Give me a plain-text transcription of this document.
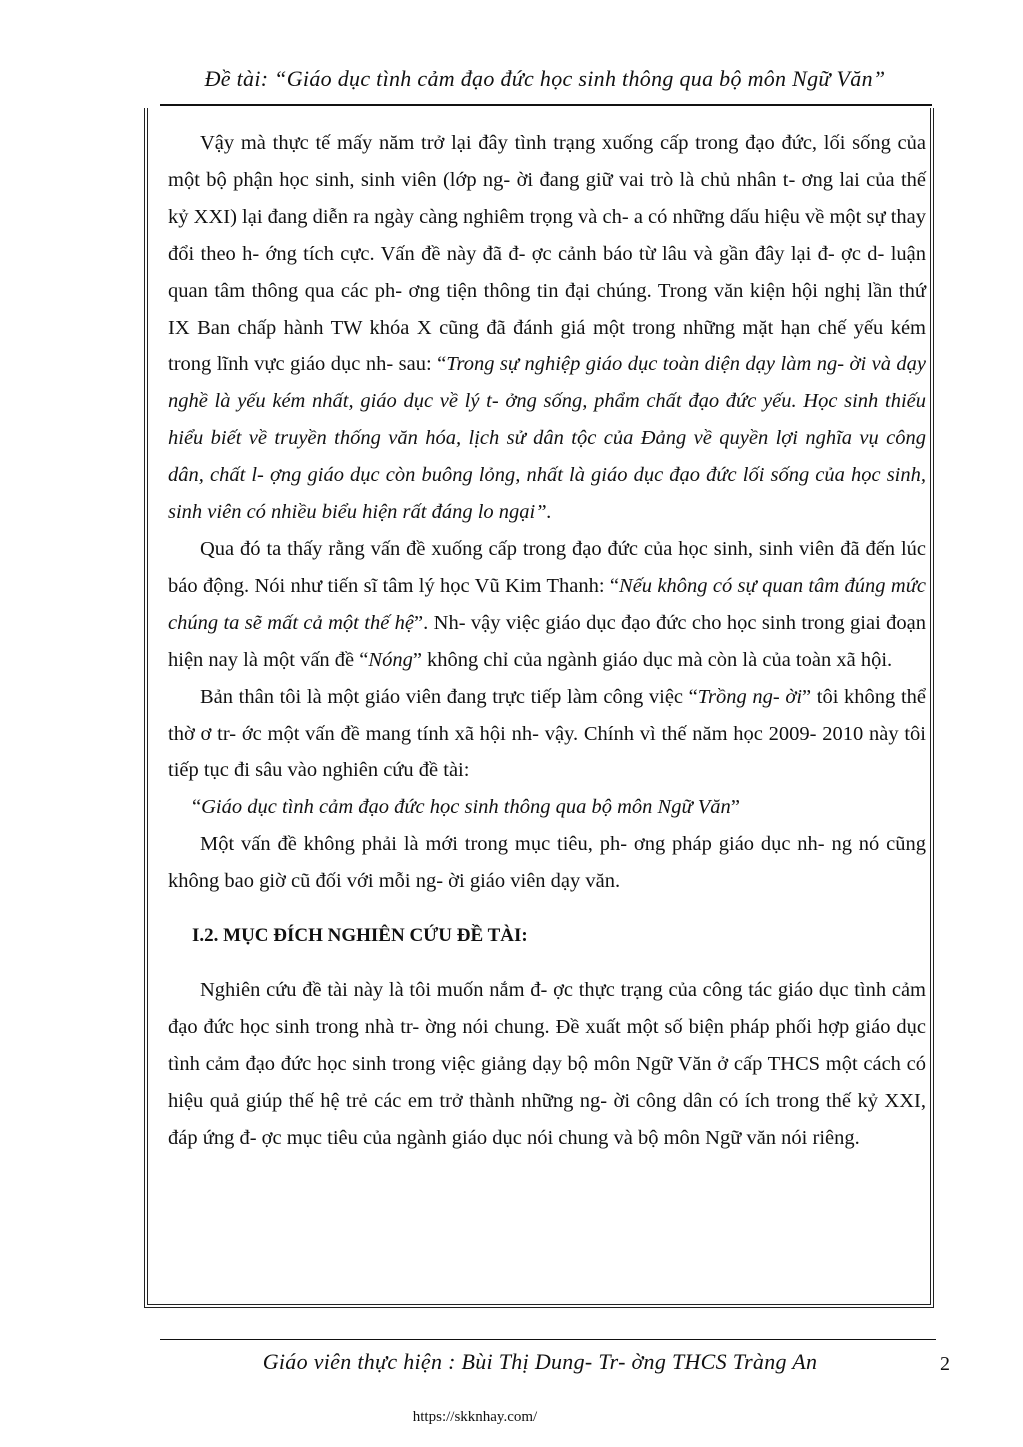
Đề tài: “Giáo dục tình cảm đạo đức học sinh thông qua bộ môn Ngữ Văn”

Vậy mà thực tế mấy năm trở lại đây tình trạng xuống cấp trong đạo đức, lối sống của một bộ phận học sinh, sinh viên (lớp ng- ời đang giữ vai trò là chủ nhân t- ơng lai của thế kỷ XXI) lại đang diễn ra ngày càng nghiêm trọng và ch- a có những dấu hiệu về một sự thay đổi theo h- ớng tích cực. Vấn đề này đã đ- ợc cảnh báo từ lâu và gần đây lại đ- ợc d- luận quan tâm thông qua các ph- ơng tiện thông tin đại chúng. Trong văn kiện hội nghị lần thứ IX Ban chấp hành TW khóa X cũng đã đánh giá một trong những mặt hạn chế yếu kém trong lĩnh vực giáo dục nh- sau: “Trong sự nghiệp giáo dục toàn diện dạy làm ng- ời và dạy nghề là yếu kém nhất, giáo dục về lý t- ởng sống, phẩm chất đạo đức yếu. Học sinh thiếu hiểu biết về truyền thống văn hóa, lịch sử dân tộc của Đảng về quyền lợi nghĩa vụ công dân, chất l- ợng giáo dục còn buông lỏng, nhất là giáo dục đạo đức lối sống của học sinh, sinh viên có nhiều biểu hiện rất đáng lo ngại”.

Qua đó ta thấy rằng vấn đề xuống cấp trong đạo đức của học sinh, sinh viên đã đến lúc báo động. Nói như tiến sĩ tâm lý học Vũ Kim Thanh: “Nếu không có sự quan tâm đúng mức chúng ta sẽ mất cả một thế hệ”. Nh- vậy việc giáo dục đạo đức cho học sinh trong giai đoạn hiện nay là một vấn đề “Nóng” không chỉ của ngành giáo dục mà còn là của toàn xã hội.

Bản thân tôi là một giáo viên đang trực tiếp làm công việc “Trồng ng- ời” tôi không thể thờ ơ tr- ớc một vấn đề mang tính xã hội nh- vậy. Chính vì thế năm học 2009- 2010 này tôi tiếp tục đi sâu vào nghiên cứu đề tài:

“Giáo dục tình cảm đạo đức học sinh thông qua bộ môn Ngữ Văn”

Một vấn đề không phải là mới trong mục tiêu, ph- ơng pháp giáo dục nh- ng nó cũng không bao giờ cũ đối với mỗi ng- ời giáo viên dạy văn.

I.2. MỤC ĐÍCH NGHIÊN CỨU ĐỀ TÀI:

Nghiên cứu đề tài này là tôi muốn nắm đ- ợc thực trạng của công tác giáo dục tình cảm đạo đức học sinh trong nhà tr- ờng nói chung. Đề xuất một số biện pháp phối hợp giáo dục tình cảm đạo đức học sinh trong việc giảng dạy bộ môn Ngữ Văn ở cấp THCS một cách có hiệu quả giúp thế hệ trẻ các em trở thành những ng- ời công dân có ích trong thế kỷ XXI, đáp ứng đ- ợc mục tiêu của ngành giáo dục nói chung và bộ môn Ngữ văn nói riêng.

Giáo viên thực hiện : Bùi Thị Dung- Tr- ờng THCS Tràng An	2
https://skknhay.com/
